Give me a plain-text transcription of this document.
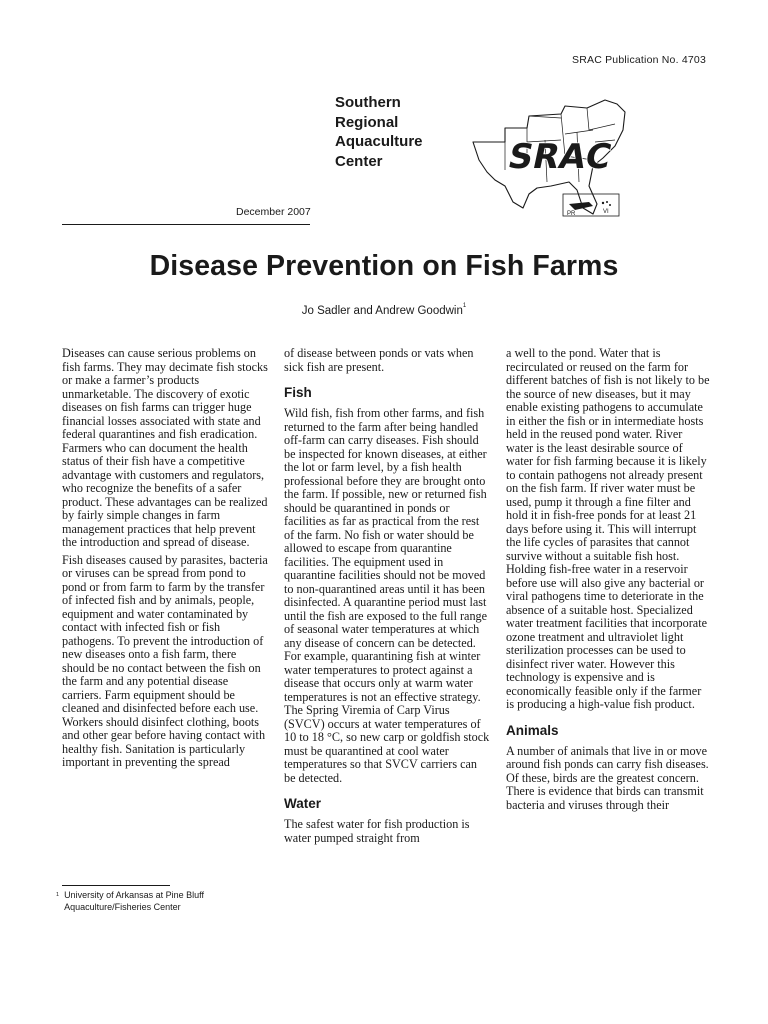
SRAC Publication No. 4703
Southern
Regional
Aquaculture
Center
December 2007
SRAC
PR	VI
Disease Prevention on Fish Farms
Jo Sadler and Andrew Goodwin$^1$

Diseases can cause serious problems on fish farms. They may decimate fish stocks or make a farmer’s products unmarketable. The discovery of exotic diseases on fish farms can trigger huge financial losses associated with state and federal quarantines and fish eradication. Farmers who can document the health status of their fish have a competitive advantage with customers and regulators, who recognize the benefits of a safer product. These advantages can be realized by fairly simple changes in farm management practices that help prevent the introduction and spread of disease.

Fish diseases caused by parasites, bacteria or viruses can be spread from pond to pond or from farm to farm by the transfer of infected fish and by animals, people, equipment and water contaminated by contact with infected fish or fish pathogens. To prevent the introduction of new diseases onto a fish farm, there should be no contact between the fish on the farm and any potential disease carriers. Farm equipment should be cleaned and disinfected before each use. Workers should disinfect clothing, boots and other gear before having contact with healthy fish. Sanitation is particularly important in preventing the spread

of disease between ponds or vats when sick fish are present.

Fish

Wild fish, fish from other farms, and fish returned to the farm after being handled off-farm can carry diseases. Fish should be inspected for known diseases, at either the lot or farm level, by a fish health professional before they are brought onto the farm. If possible, new or returned fish should be quarantined in ponds or facilities as far as practical from the rest of the farm. No fish or water should be allowed to escape from quarantine facilities. The equipment used in quarantine facilities should not be moved to non-quarantined areas until it has been disinfected. A quarantine period must last until the fish are exposed to the full range of seasonal water temperatures at which any disease of concern can be detected. For example, quarantining fish at winter water temperatures to protect against a disease that occurs only at warm water temperatures is not an effective strategy. The Spring Viremia of Carp Virus (SVCV) occurs at water temperatures of 10 to 18 °C, so new carp or goldfish stock must be quarantined at cool water temperatures so that SVCV carriers can be detected.

Water

The safest water for fish production is water pumped straight from

a well to the pond. Water that is recirculated or reused on the farm for different batches of fish is not likely to be the source of new diseases, but it may enable existing pathogens to accumulate in either the fish or in intermediate hosts held in the reused pond water. River water is the least desirable source of water for fish farming because it is likely to contain pathogens not already present on the fish farm. If river water must be used, pump it through a fine filter and hold it in fish-free ponds for at least 21 days before using it. This will interrupt the life cycles of parasites that cannot survive without a suitable fish host. Holding fish-free water in a reservoir before use will also give any bacterial or viral pathogens time to deteriorate in the absence of a suitable host. Specialized water treatment facilities that incorporate ozone treatment and ultraviolet light sterilization processes can be used to disinfect river water. However this technology is expensive and is economically feasible only if the farmer is producing a high-value fish product.

Animals

A number of animals that live in or move around fish ponds can carry fish diseases. Of these, birds are the greatest concern. There is evidence that birds can transmit bacteria and viruses through their

$^1$ University of Arkansas at Pine Bluff
Aquaculture/Fisheries Center
